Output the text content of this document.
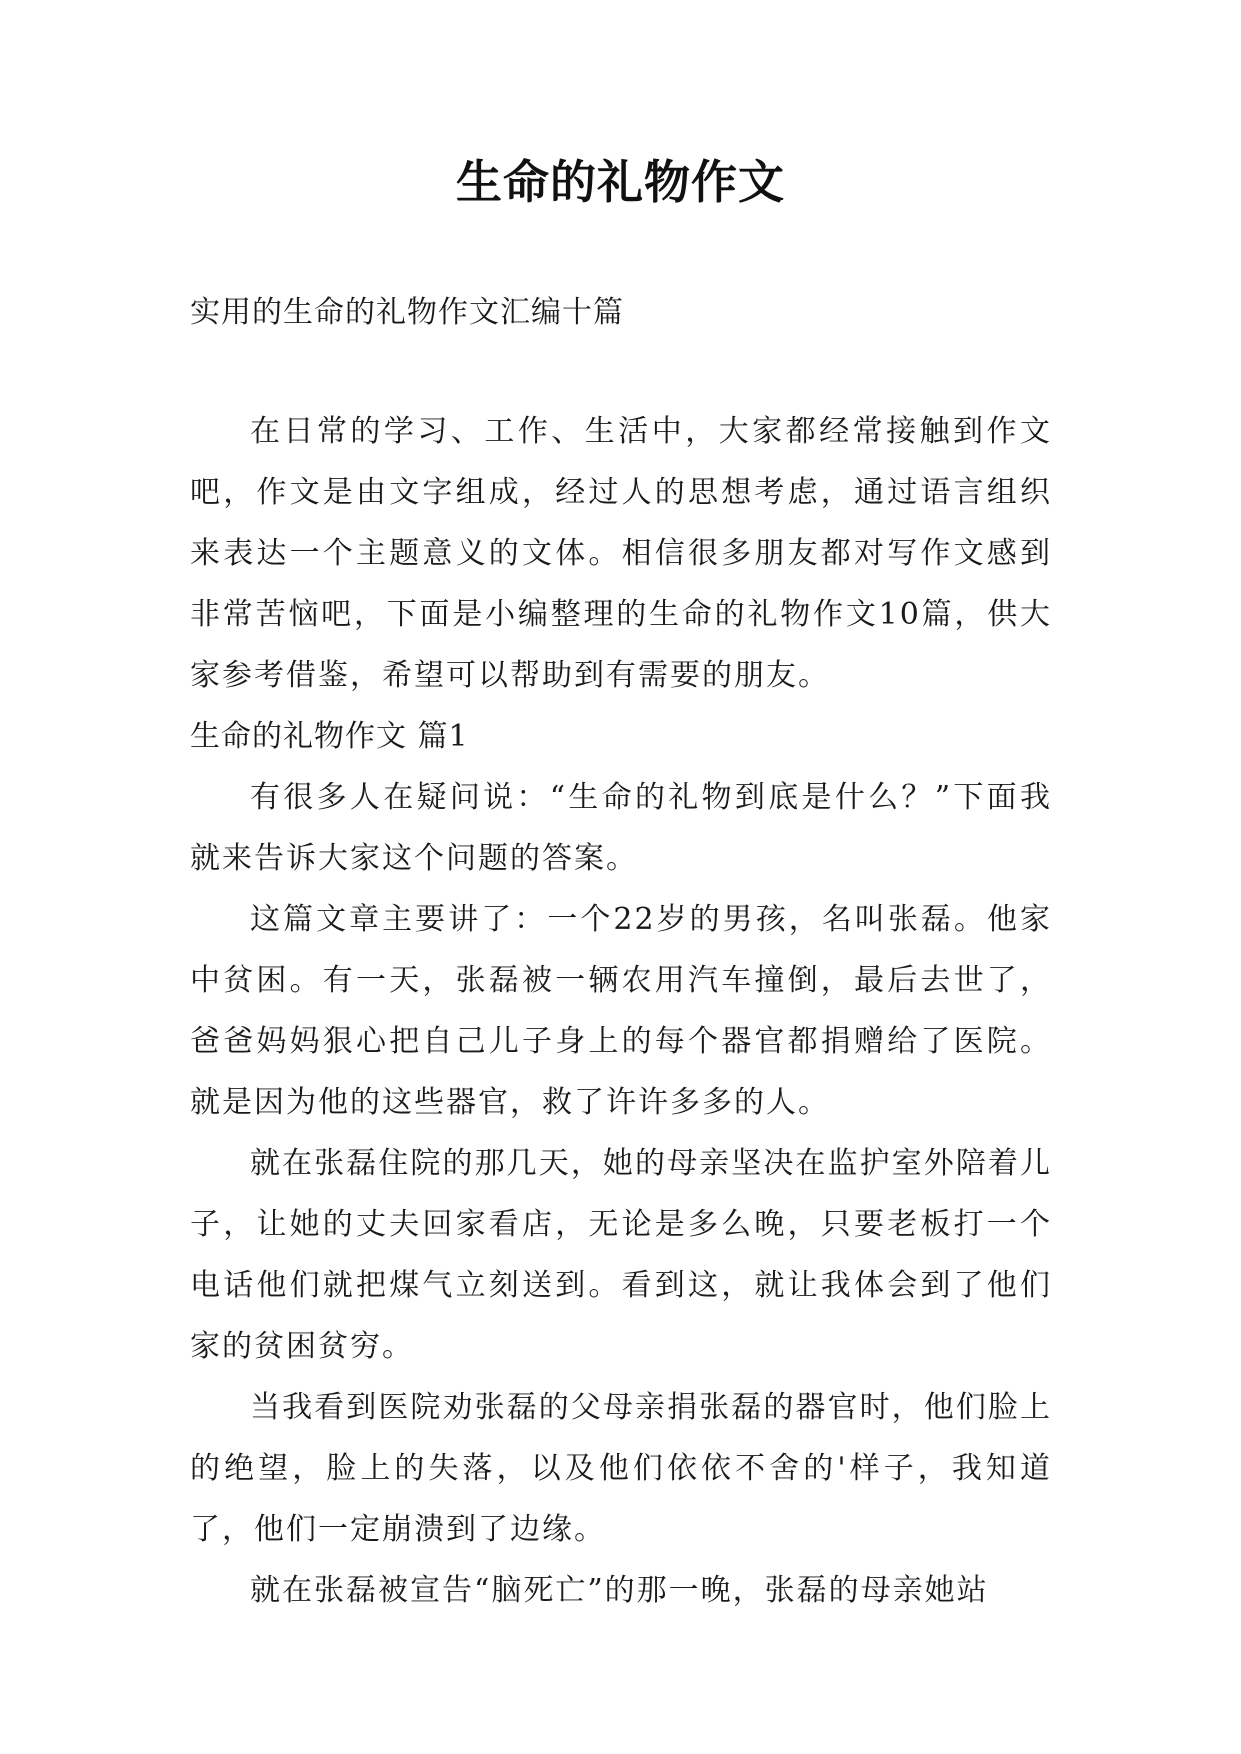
生命的礼物作文
实用的生命的礼物作文汇编十篇

在日常的学习、工作、生活中，大家都经常接触到作文吧，作文是由文字组成，经过人的思想考虑，通过语言组织来表达一个主题意义的文体。相信很多朋友都对写作文感到非常苦恼吧，下面是小编整理的生命的礼物作文10篇，供大家参考借鉴，希望可以帮助到有需要的朋友。

生命的礼物作文 篇1

有很多人在疑问说：“生命的礼物到底是什么？”下面我就来告诉大家这个问题的答案。

这篇文章主要讲了：一个22岁的男孩，名叫张磊。他家中贫困。有一天，张磊被一辆农用汽车撞倒，最后去世了，爸爸妈妈狠心把自己儿子身上的每个器官都捐赠给了医院。就是因为他的这些器官，救了许许多多的人。

就在张磊住院的那几天，她的母亲坚决在监护室外陪着儿子，让她的丈夫回家看店，无论是多么晚，只要老板打一个电话他们就把煤气立刻送到。看到这，就让我体会到了他们家的贫困贫穷。

当我看到医院劝张磊的父母亲捐张磊的器官时，他们脸上的绝望，脸上的失落，以及他们依依不舍的'样子，我知道了，他们一定崩溃到了边缘。

就在张磊被宣告“脑死亡”的那一晚，张磊的母亲她站
